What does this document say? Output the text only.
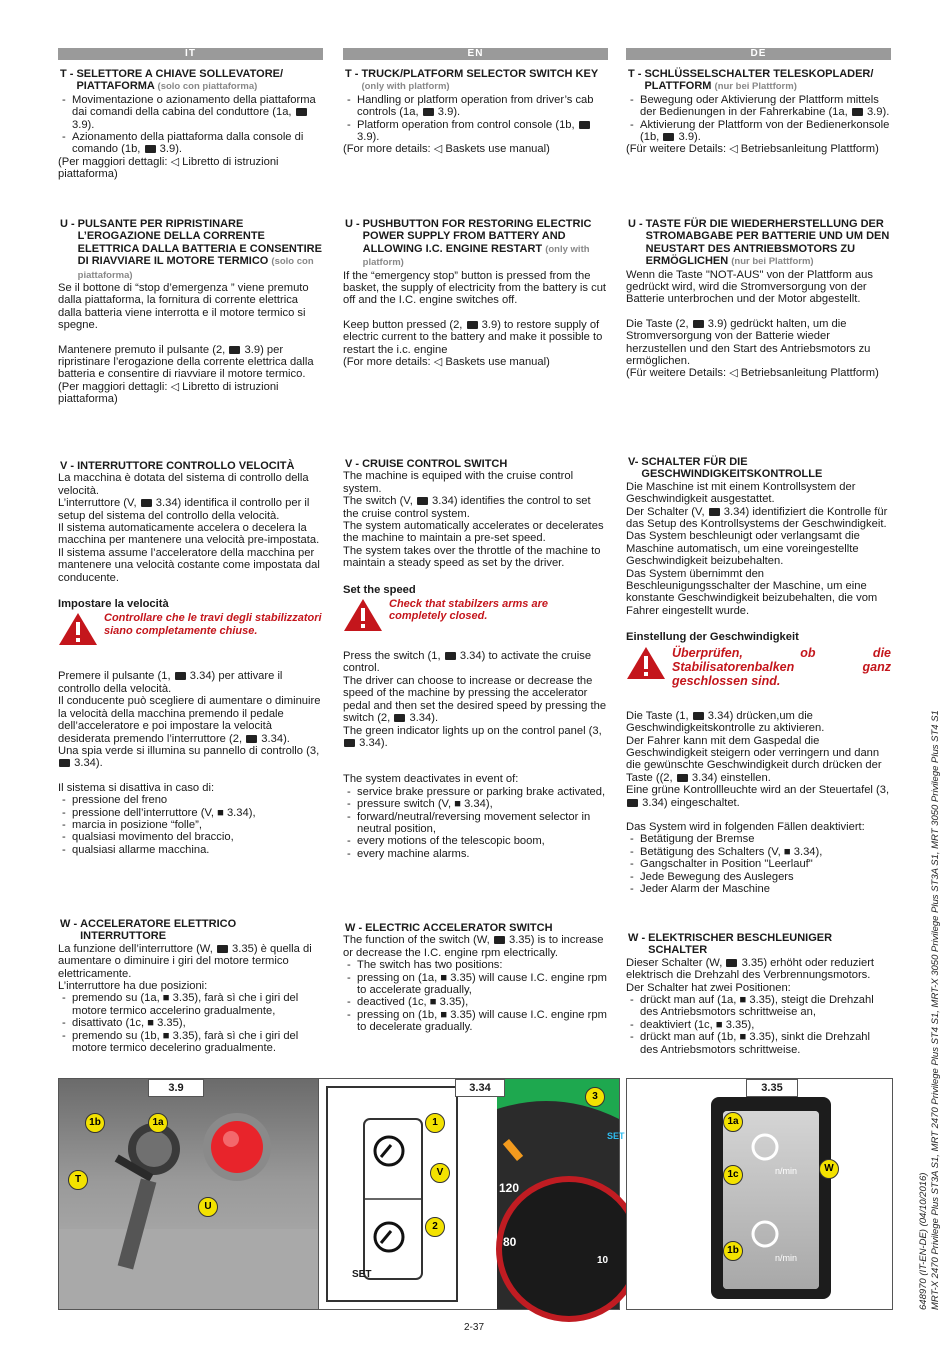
IT
T - SELETTORE A CHIAVE SOLLEVATORE/ PIATTAFORMA (solo con piattaforma)
- Movimentazione o azionamento della piattaforma dai comandi della cabina del conduttore (1a,  3.9).
- Azionamento della piattaforma dalla console di comando (1b,  3.9).

(Per maggiori dettagli: ◁ Libretto di istruzioni piattaforma)

U - PULSANTE PER RIPRISTINARE L’EROGAZIONE DELLA CORRENTE ELETTRICA DALLA BATTERIA E CONSENTIRE DI RIAVVIARE IL MOTORE TERMICO (solo con piattaforma)

Se il bottone di “stop d’emergenza ” viene premuto dalla piattaforma, la fornitura di corrente elettrica dalla batteria viene interrotta e il motore termico si spegne.

Mantenere premuto il pulsante (2,  3.9) per ripristinare l’erogazione della corrente elettrica dalla batteria e consentire di riavviare il motore termico.

(Per maggiori dettagli: ◁ Libretto di istruzioni piattaforma)

V - INTERRUTTORE CONTROLLO VELOCITÀ

La macchina è dotata del sistema di controllo della velocità.

L’interruttore (V,  3.34) identifica il controllo per il setup del sistema del controllo della velocità.

Il sistema automaticamente accelera o decelera la macchina per mantenere una velocità pre-impostata.

Il sistema assume l’acceleratore della macchina per mantenere una velocità costante come impostata dal conducente.

Impostare la velocità

Controllare che le travi degli stabilizzatori siano completamente chiuse.

Premere il pulsante (1,  3.34) per attivare il controllo della velocità.

Il conducente può scegliere di aumentare o diminuire la velocità della macchina premendo il pedale dell’acceleratore e poi impostare la velocità desiderata premendo l’interruttore (2,  3.34).

Una spia verde si illumina su pannello di controllo (3,  3.34).

Il sistema si disattiva in caso di:

- pressione del freno
- pressione dell’interruttore (V, ■ 3.34),
- marcia in posizione “folle”,
- qualsiasi movimento del braccio,
- qualsiasi allarme macchina.
W - ACCELERATORE ELETTRICO INTERRUTTORE

La funzione dell’interruttore (W,  3.35) è quella di aumentare o diminuire i giri del motore termico elettricamente.

L’interruttore ha due posizioni:

- premendo su (1a, ■ 3.35), farà sì che i giri del motore termico accelerino gradualmente,
- disattivato (1c, ■ 3.35),
- premendo su (1b, ■ 3.35), farà sì che i giri del motore termico decelerino gradualmente.
EN
T - TRUCK/PLATFORM SELECTOR SWITCH KEY
(only with platform)
- Handling or platform operation from driver’s cab controls (1a,  3.9).
- Platform operation from control console (1b,  3.9).

(For more details: ◁ Baskets use manual)

U - PUSHBUTTON FOR RESTORING ELECTRIC POWER SUPPLY FROM BATTERY AND ALLOWING I.C. ENGINE RESTART (only with platform)

If the “emergency stop” button is pressed from the basket, the supply of electricity from the battery is cut off and the I.C. engine switches off.

Keep button pressed (2,  3.9) to restore supply of electric current to the battery and make it possible to restart the i.c. engine

(For more details: ◁ Baskets use manual)

V - CRUISE CONTROL SWITCH

The machine is equiped with the cruise control system.

The switch (V,  3.34) identifies the control to set the cruise control system.

The system automatically accelerates or decelerates the machine to maintain a pre-set speed.

The system takes over the throttle of the machine to maintain a steady speed as set by the driver.

Set the speed

Check that stabilzers arms are completely closed.

Press the switch (1,  3.34) to activate the cruise control.

The driver can choose to increase or decrease the speed of the machine by pressing the accelerator pedal and then set the desired speed by pressing the switch (2,  3.34).

The green indicator lights up on the control panel (3,  3.34).

The system deactivates in event of:

- service brake pressure or parking brake activated,
- pressure switch (V, ■ 3.34),
- forward/neutral/reversing movement selector in neutral position,
- every motions of the telescopic boom,
- every machine alarms.
W - ELECTRIC ACCELERATOR SWITCH

The function of the switch (W,  3.35) is to increase or decrease the I.C. engine rpm electrically.

- The switch has two positions:
- pressing on (1a, ■ 3.35) will cause I.C. engine rpm to accelerate gradually,
- deactived (1c, ■ 3.35),
- pressing on (1b, ■ 3.35) will cause I.C. engine rpm to decelerate gradually.
DE
T - SCHLÜSSELSCHALTER TELESKOPLADER/ PLATTFORM (nur bei Plattform)
- Bewegung oder Aktivierung der Plattform mittels der Bedienungen in der Fahrerkabine (1a,  3.9).
- Aktivierung der Plattform von der Bedienerkonsole (1b,  3.9).

(Für weitere Details: ◁ Betriebsanleitung Plattform)

U - TASTE FÜR DIE WIEDERHERSTELLUNG DER STROMABGABE PER BATTERIE UND UM DEN NEUSTART DES ANTRIEBSMOTORS ZU ERMÖGLICHEN (nur bei Plattform)

Wenn die Taste "NOT-AUS" von der Plattform aus gedrückt wird, wird die Stromversorgung von der Batterie unterbrochen und der Motor abgestellt.

Die Taste (2,  3.9) gedrückt halten, um die Stromversorgung von der Batterie wieder herzustellen und den Start des Antriebsmotors zu ermöglichen.

(Für weitere Details: ◁ Betriebsanleitung Plattform)

V- SCHALTER FÜR DIE GESCHWINDIGKEITSKONTROLLE

Die Maschine ist mit einem Kontrollsystem der Geschwindigkeit ausgestattet.

Der Schalter (V,  3.34) identifiziert die Kontrolle für das Setup des Kontrollsystems der Geschwindigkeit.

Das System beschleunigt oder verlangsamt die Maschine automatisch, um eine voreingestellte Geschwindigkeit beizubehalten.

Das System übernimmt den Beschleunigungsschalter der Maschine, um eine konstante Geschwindigkeit beizubehalten, die vom Fahrer eingestellt wurde.

Einstellung der Geschwindigkeit

Überprüfen, ob die Stabilisatorenbalken ganz geschlossen sind.

Die Taste (1,  3.34) drücken,um die Geschwindigkeitskontrolle zu aktivieren.

Der Fahrer kann mit dem Gaspedal die Geschwindigkeit steigern oder verringern und dann die gewünschte Geschwindigkeit durch drücken der Taste ((2,  3.34) einstellen.

Eine grüne Kontrollleuchte wird an der Steuertafel (3,  3.34) eingeschaltet.

Das System wird in folgenden Fällen deaktiviert:

- Betätigung der Bremse
- Betätigung des Schalters (V, ■ 3.34),
- Gangschalter in Position "Leerlauf"
- Jede Bewegung des Auslegers
- Jeder Alarm der Maschine
W - ELEKTRISCHER BESCHLEUNIGER SCHALTER

Dieser Schalter (W,  3.35) erhöht oder reduziert elektrisch die Drehzahl des Verbrennungsmotors.

Der Schalter hat zwei Positionen:

- drückt man auf (1a, ■ 3.35), steigt die Drehzahl des Antriebsmotors schrittweise an,
- deaktiviert (1c, ■ 3.35),
- drückt man auf (1b, ■ 3.35), sinkt die Drehzahl des Antriebsmotors schrittweise.
3.9
1b	1a
T
U
SET
SET
120
80
10
3.34
1
V
2
3
n/min
n/min
3.35
1a
1c
1b
W
2-37
648970 (IT-EN-DE) (04/10/2016) MRT-X 2470 Privilege Plus ST3A S1, MRT 2470 Privilege Plus ST4 S1, MRT-X 3050 Privilege Plus ST3A S1, MRT 3050 Privilege Plus ST4 S1
